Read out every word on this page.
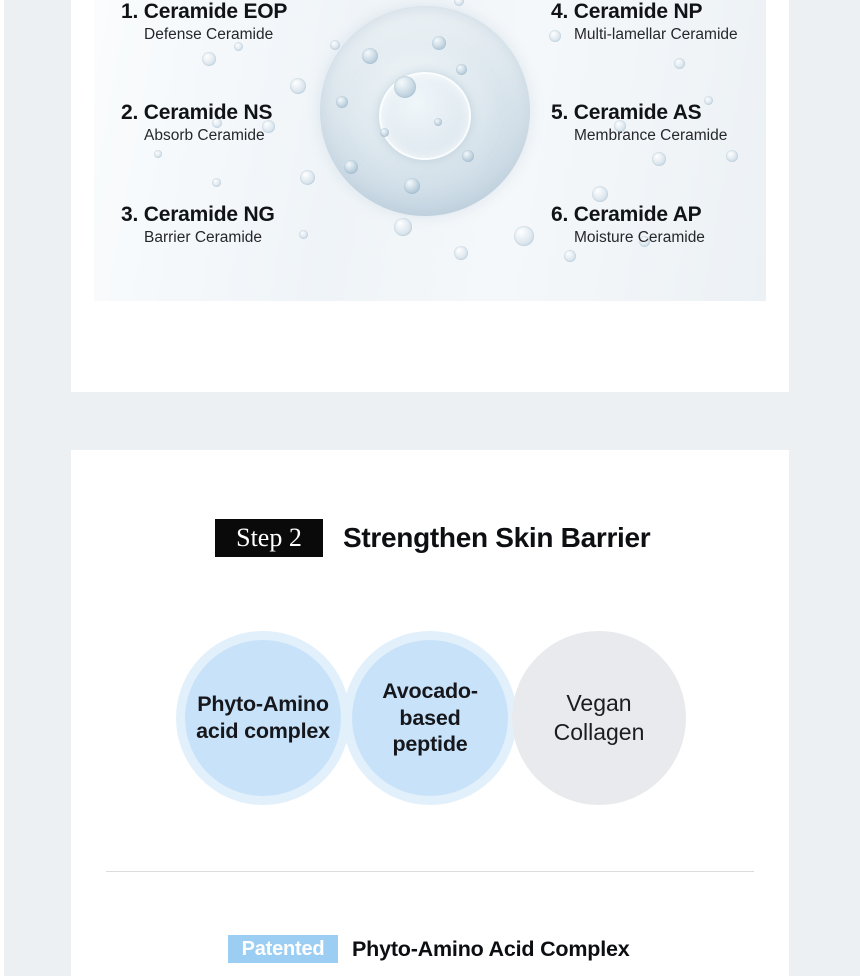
1. Ceramide EOP
Defense Ceramide
2. Ceramide NS
Absorb Ceramide
3. Ceramide NG
Barrier Ceramide
4. Ceramide NP
Multi-lamellar Ceramide
5. Ceramide AS
Membrance Ceramide
6. Ceramide AP
Moisture Ceramide
Step 2	Strengthen Skin Barrier
Phyto-Amino
acid complex
Avocado-based
peptide
Vegan
Collagen
Patented	Phyto-Amino Acid Complex
